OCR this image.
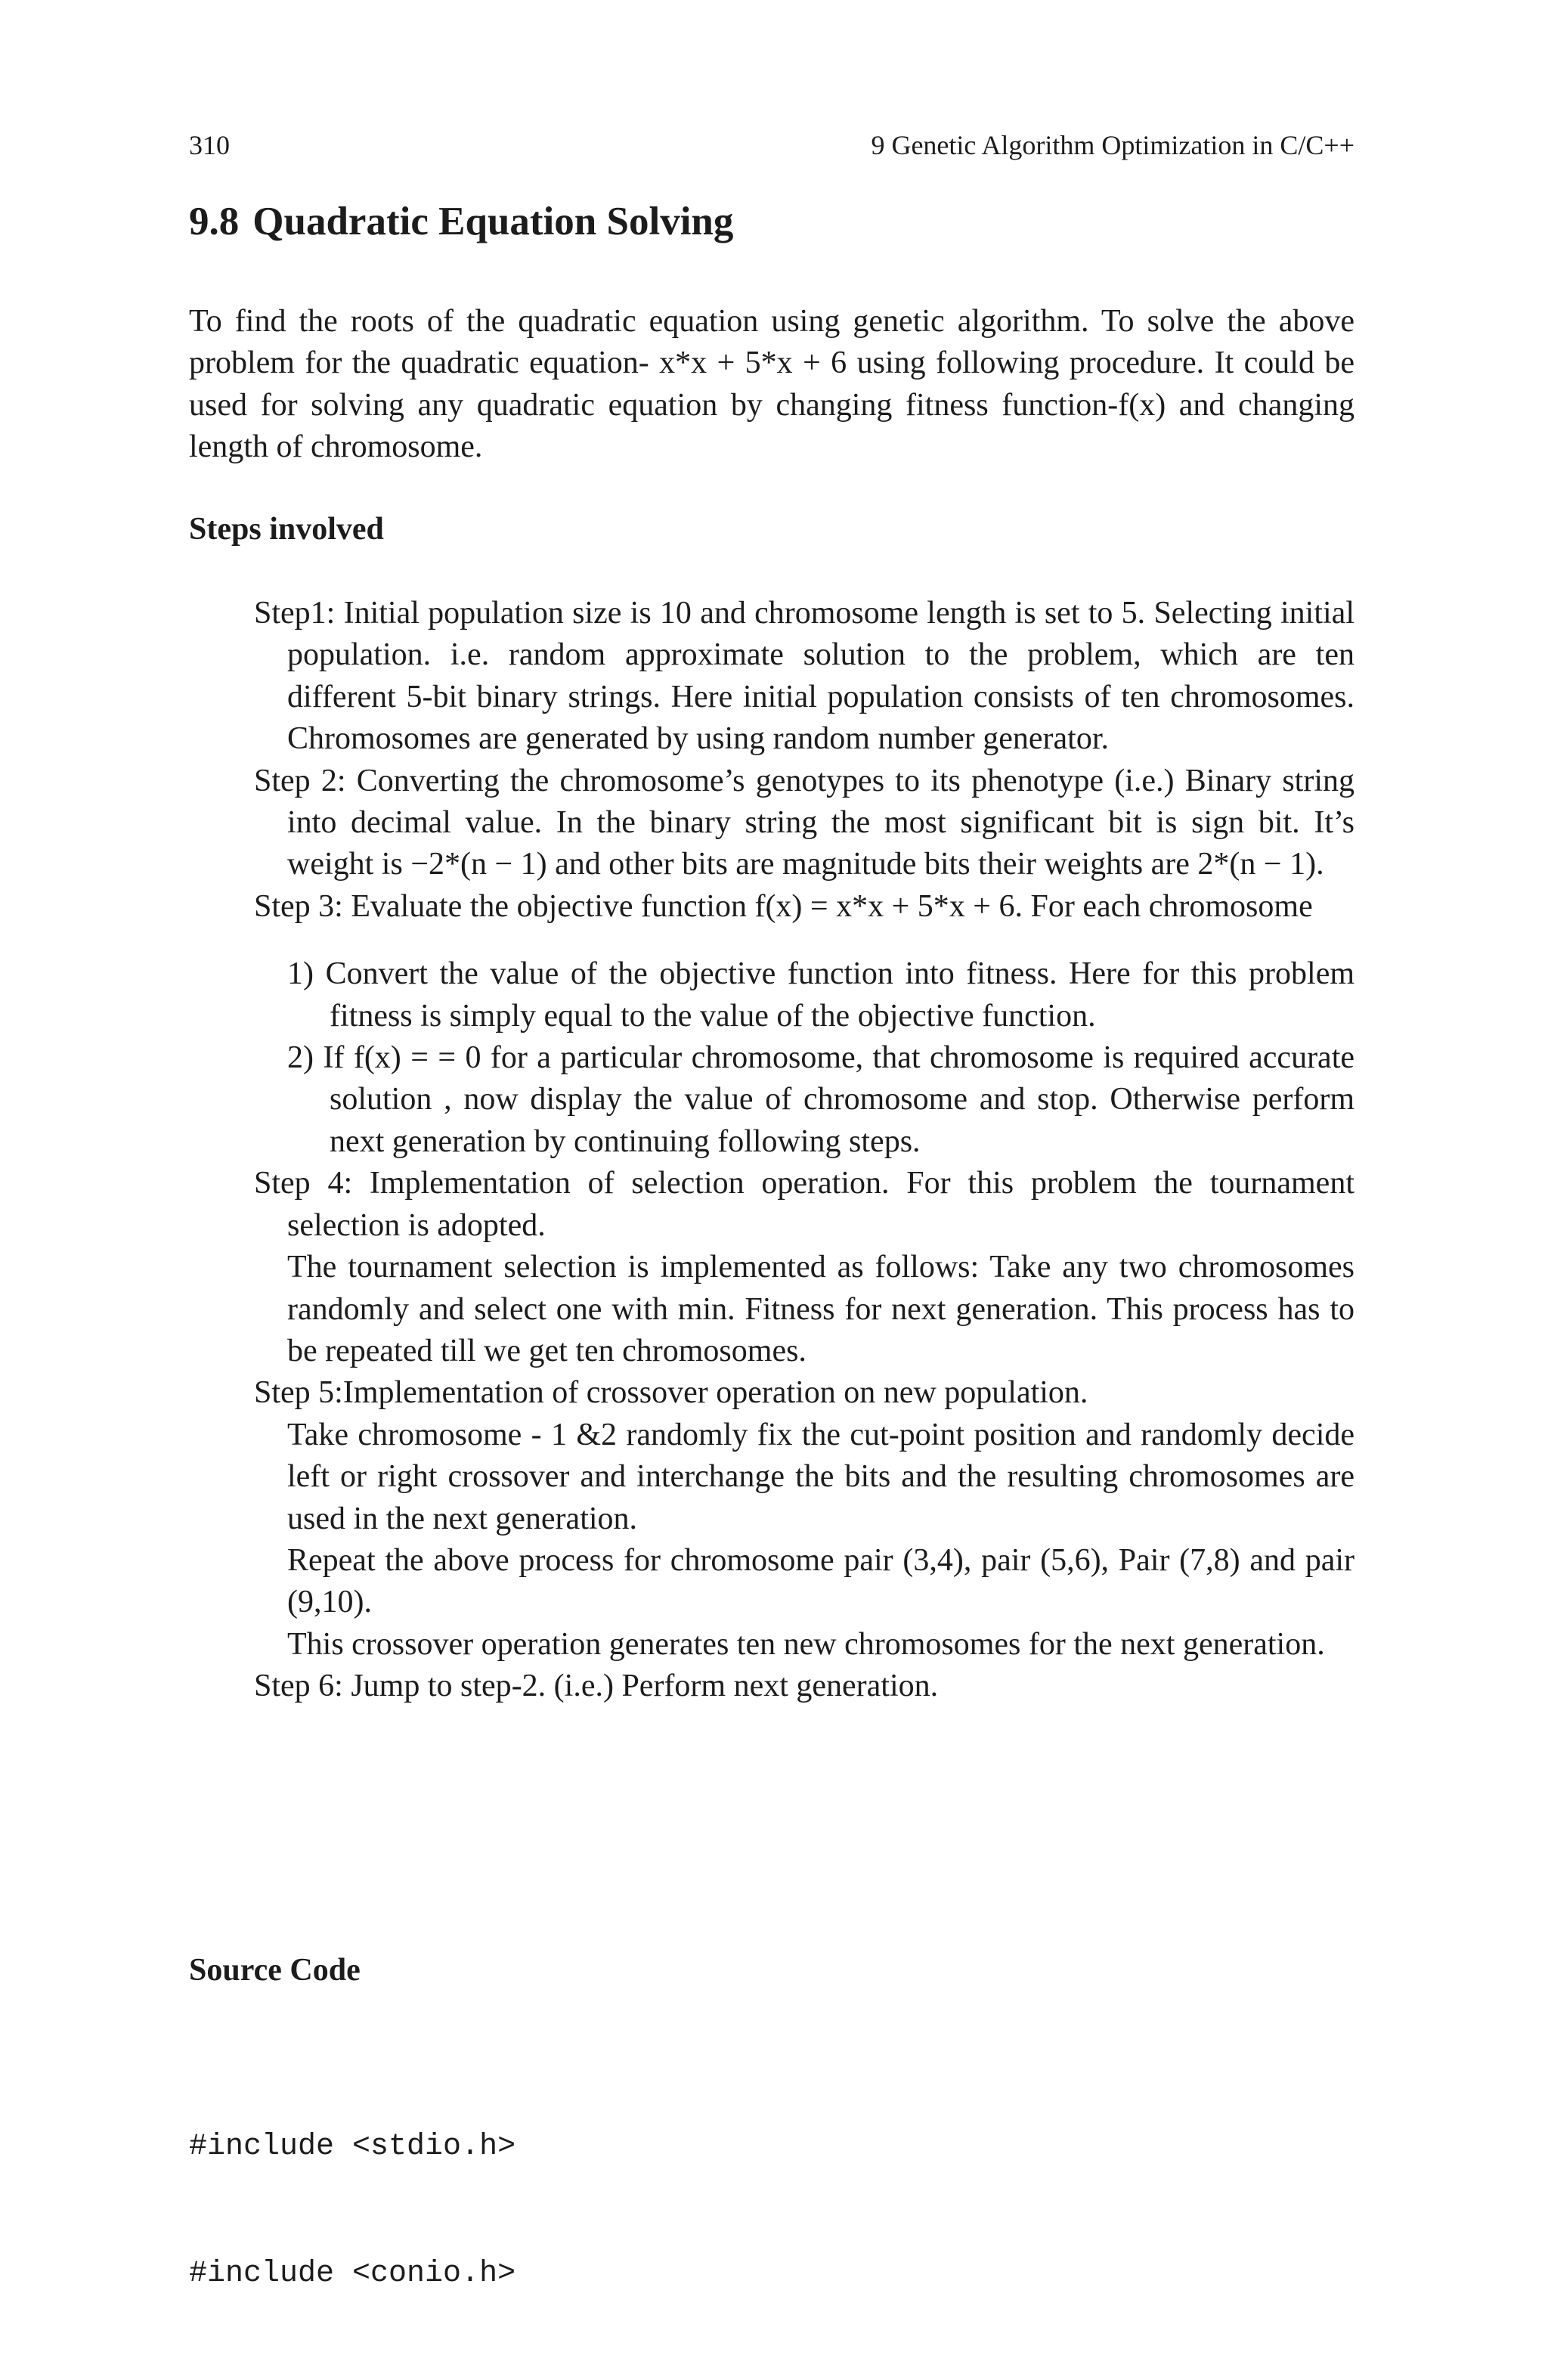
310	9 Genetic Algorithm Optimization in C/C++
9.8 Quadratic Equation Solving

To find the roots of the quadratic equation using genetic algorithm. To solve the above problem for the quadratic equation- x*x + 5*x + 6 using following procedure. It could be used for solving any quadratic equation by changing fitness function-f(x) and changing length of chromosome.

Steps involved

Step1: Initial population size is 10 and chromosome length is set to 5. Selecting initial population. i.e. random approximate solution to the problem, which are ten different 5-bit binary strings. Here initial population consists of ten chromosomes. Chromosomes are generated by using random number generator.

Step 2: Converting the chromosome’s genotypes to its phenotype (i.e.) Binary string into decimal value. In the binary string the most significant bit is sign bit. It’s weight is −2*(n − 1) and other bits are magnitude bits their weights are 2*(n − 1).

Step 3: Evaluate the objective function f(x) = x*x + 5*x + 6. For each chromosome

1) Convert the value of the objective function into fitness. Here for this problem fitness is simply equal to the value of the objective function.
2) If f(x) = = 0 for a particular chromosome, that chromosome is required accurate solution , now display the value of chromosome and stop. Otherwise perform next generation by continuing following steps.

Step 4: Implementation of selection operation. For this problem the tournament selection is adopted.

The tournament selection is implemented as follows: Take any two chromosomes randomly and select one with min. Fitness for next generation. This process has to be repeated till we get ten chromosomes.

Step 5:Implementation of crossover operation on new population.

Take chromosome - 1 &2 randomly fix the cut-point position and randomly decide left or right crossover and interchange the bits and the resulting chromosomes are used in the next generation.

Repeat the above process for chromosome pair (3,4), pair (5,6), Pair (7,8) and pair (9,10).

This crossover operation generates ten new chromosomes for the next generation.

Step 6: Jump to step-2. (i.e.) Perform next generation.

Source Code

#include <stdio.h>

#include <conio.h>
